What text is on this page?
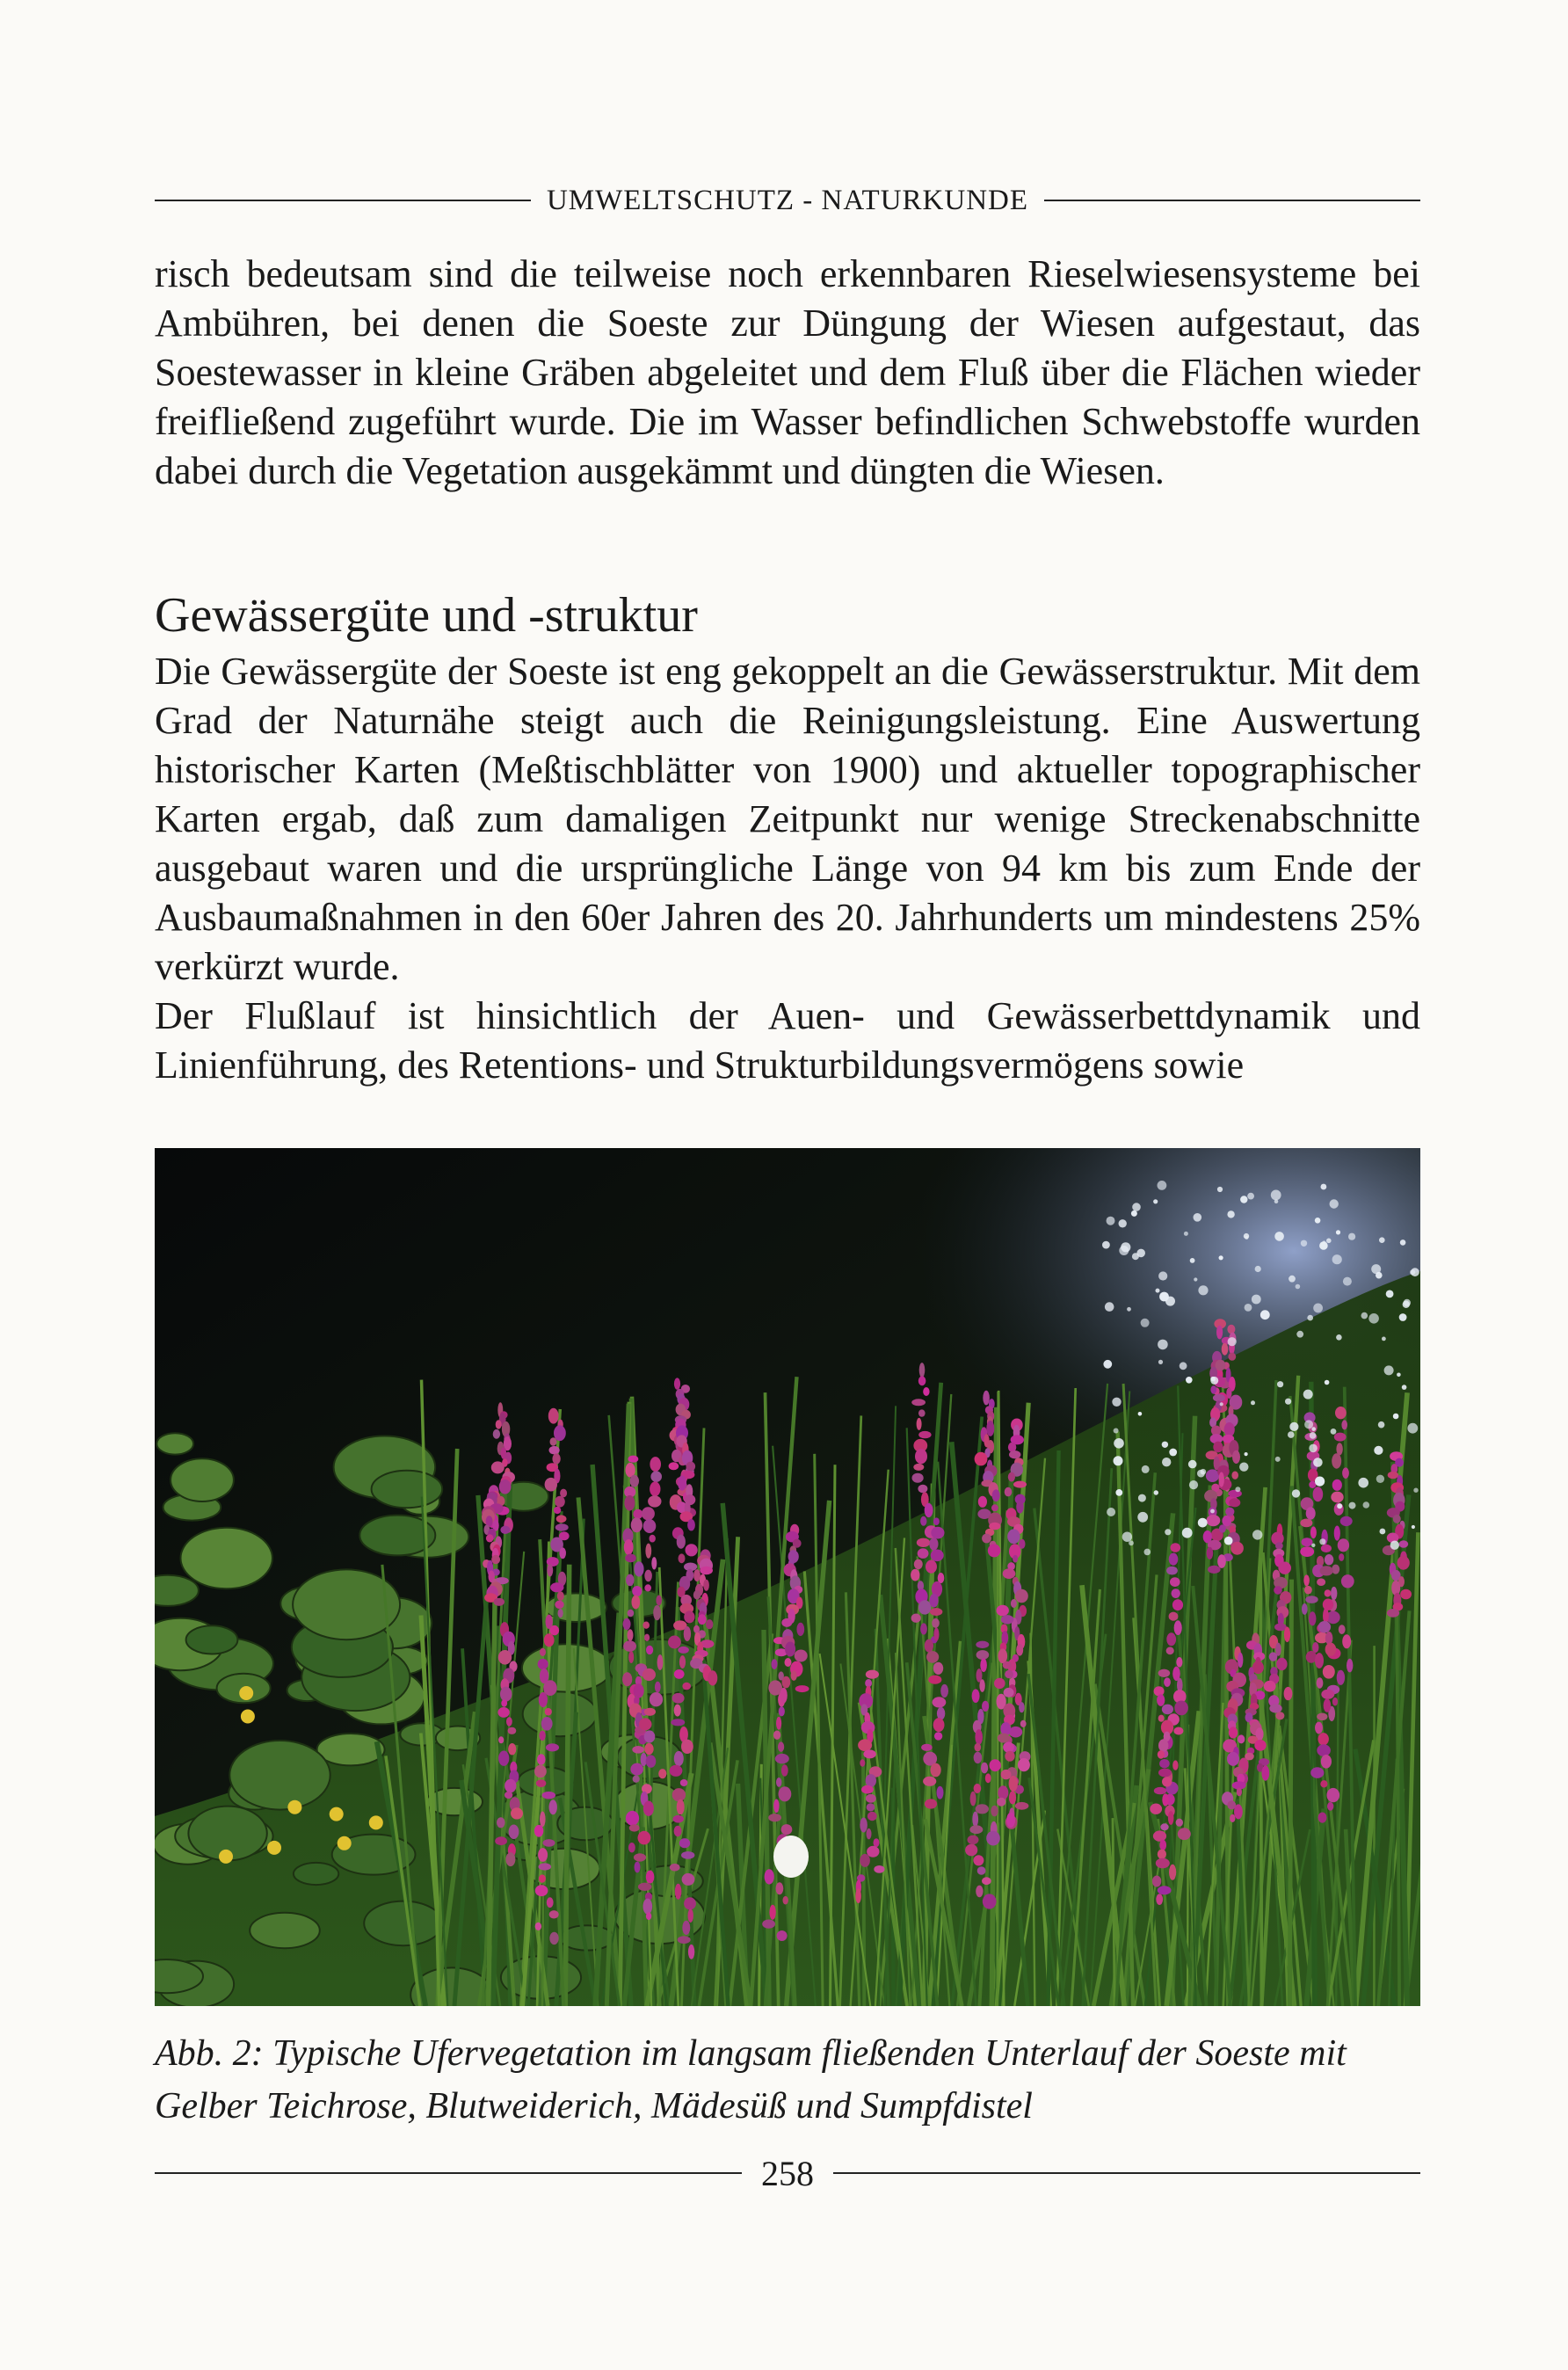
UMWELTSCHUTZ - NATURKUNDE

risch bedeutsam sind die teilweise noch erkennbaren Rieselwiesensysteme bei Ambühren, bei denen die Soeste zur Düngung der Wiesen aufgestaut, das Soestewasser in kleine Gräben abgeleitet und dem Fluß über die Flächen wieder freifließend zugeführt wurde. Die im Wasser befindlichen Schwebstoffe wurden dabei durch die Vegetation ausgekämmt und düngten die Wiesen.

Gewässergüte und -struktur

Die Gewässergüte der Soeste ist eng gekoppelt an die Gewässerstruktur. Mit dem Grad der Naturnähe steigt auch die Reinigungsleistung. Eine Auswertung historischer Karten (Meßtischblätter von 1900) und aktueller topographischer Karten ergab, daß zum damaligen Zeitpunkt nur wenige Streckenabschnitte ausgebaut waren und die ursprüngliche Länge von 94 km bis zum Ende der Ausbaumaßnahmen in den 60er Jahren des 20. Jahrhunderts um mindestens 25% verkürzt wurde.

Der Flußlauf ist hinsichtlich der Auen- und Gewässerbettdynamik und Linienführung, des Retentions- und Strukturbildungsvermögens sowie

Abb. 2: Typische Ufervegetation im langsam fließenden Unterlauf der Soeste mit Gelber Teichrose, Blutweiderich, Mädesüß und Sumpfdistel

258
